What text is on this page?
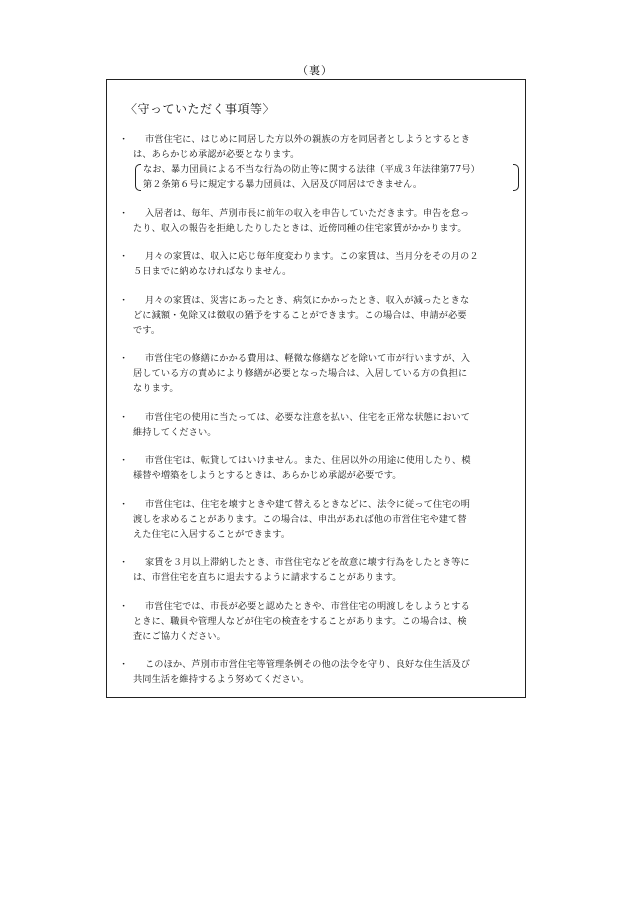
（裏）
〈守っていただく事項等〉
・	市営住宅に、はじめに同居した方以外の親族の方を同居者としようとするとき
は、あらかじめ承認が必要となります。
なお、暴力団員による不当な行為の防止等に関する法律（平成３年法律第77号）
第２条第６号に規定する暴力団員は、入居及び同居はできません。
・	入居者は、毎年、芦別市長に前年の収入を申告していただきます。申告を怠っ
たり、収入の報告を拒絶したりしたときは、近傍同種の住宅家賃がかかります。
・	月々の家賃は、収入に応じ毎年度変わります。この家賃は、当月分をその月の２
５日までに納めなければなりません。
・	月々の家賃は、災害にあったとき、病気にかかったとき、収入が減ったときな
どに減額・免除又は徴収の猶予をすることができます。この場合は、申請が必要
です。
・	市営住宅の修繕にかかる費用は、軽微な修繕などを除いて市が行いますが、入
居している方の責めにより修繕が必要となった場合は、入居している方の負担に
なります。
・	市営住宅の使用に当たっては、必要な注意を払い、住宅を正常な状態において
維持してください。
・	市営住宅は、転貸してはいけません。また、住居以外の用途に使用したり、模
様替や増築をしようとするときは、あらかじめ承認が必要です。
・	市営住宅は、住宅を壊すときや建て替えるときなどに、法令に従って住宅の明
渡しを求めることがあります。この場合は、申出があれば他の市営住宅や建て替
えた住宅に入居することができます。
・	家賃を３月以上滞納したとき、市営住宅などを故意に壊す行為をしたとき等に
は、市営住宅を直ちに退去するように請求することがあります。
・	市営住宅では、市長が必要と認めたときや、市営住宅の明渡しをしようとする
ときに、職員や管理人などが住宅の検査をすることがあります。この場合は、検
査にご協力ください。
・	このほか、芦別市市営住宅等管理条例その他の法令を守り、良好な住生活及び
共同生活を維持するよう努めてください。
